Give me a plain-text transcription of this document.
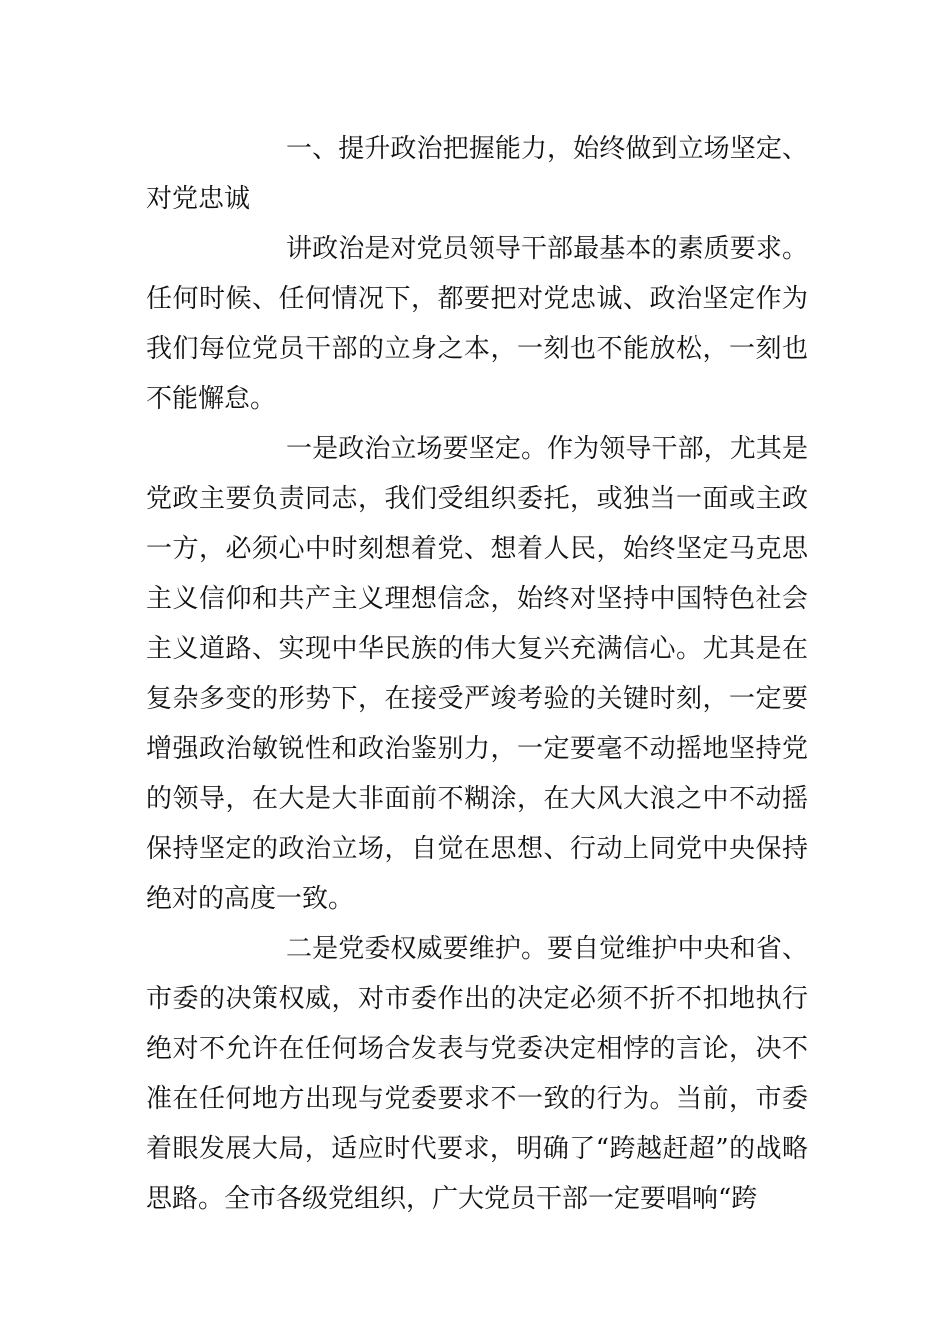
一、提升政治把握能力，始终做到立场坚定、对党忠诚

讲政治是对党员领导干部最基本的素质要求。任何时候、任何情况下，都要把对党忠诚、政治坚定作为我们每位党员干部的立身之本，一刻也不能放松，一刻也不能懈怠。

一是政治立场要坚定。作为领导干部，尤其是党政主要负责同志，我们受组织委托，或独当一面或主政一方，必须心中时刻想着党、想着人民，始终坚定马克思主义信仰和共产主义理想信念，始终对坚持中国特色社会主义道路、实现中华民族的伟大复兴充满信心。尤其是在复杂多变的形势下，在接受严竣考验的关键时刻，一定要增强政治敏锐性和政治鉴别力，一定要毫不动摇地坚持党的领导，在大是大非面前不糊涂，在大风大浪之中不动摇保持坚定的政治立场，自觉在思想、行动上同党中央保持绝对的高度一致。

二是党委权威要维护。要自觉维护中央和省、市委的决策权威，对市委作出的决定必须不折不扣地执行绝对不允许在任何场合发表与党委决定相悖的言论，决不准在任何地方出现与党委要求不一致的行为。当前，市委着眼发展大局，适应时代要求，明确了“跨越赶超”的战略思路。全市各级党组织，广大党员干部一定要唱响“跨
